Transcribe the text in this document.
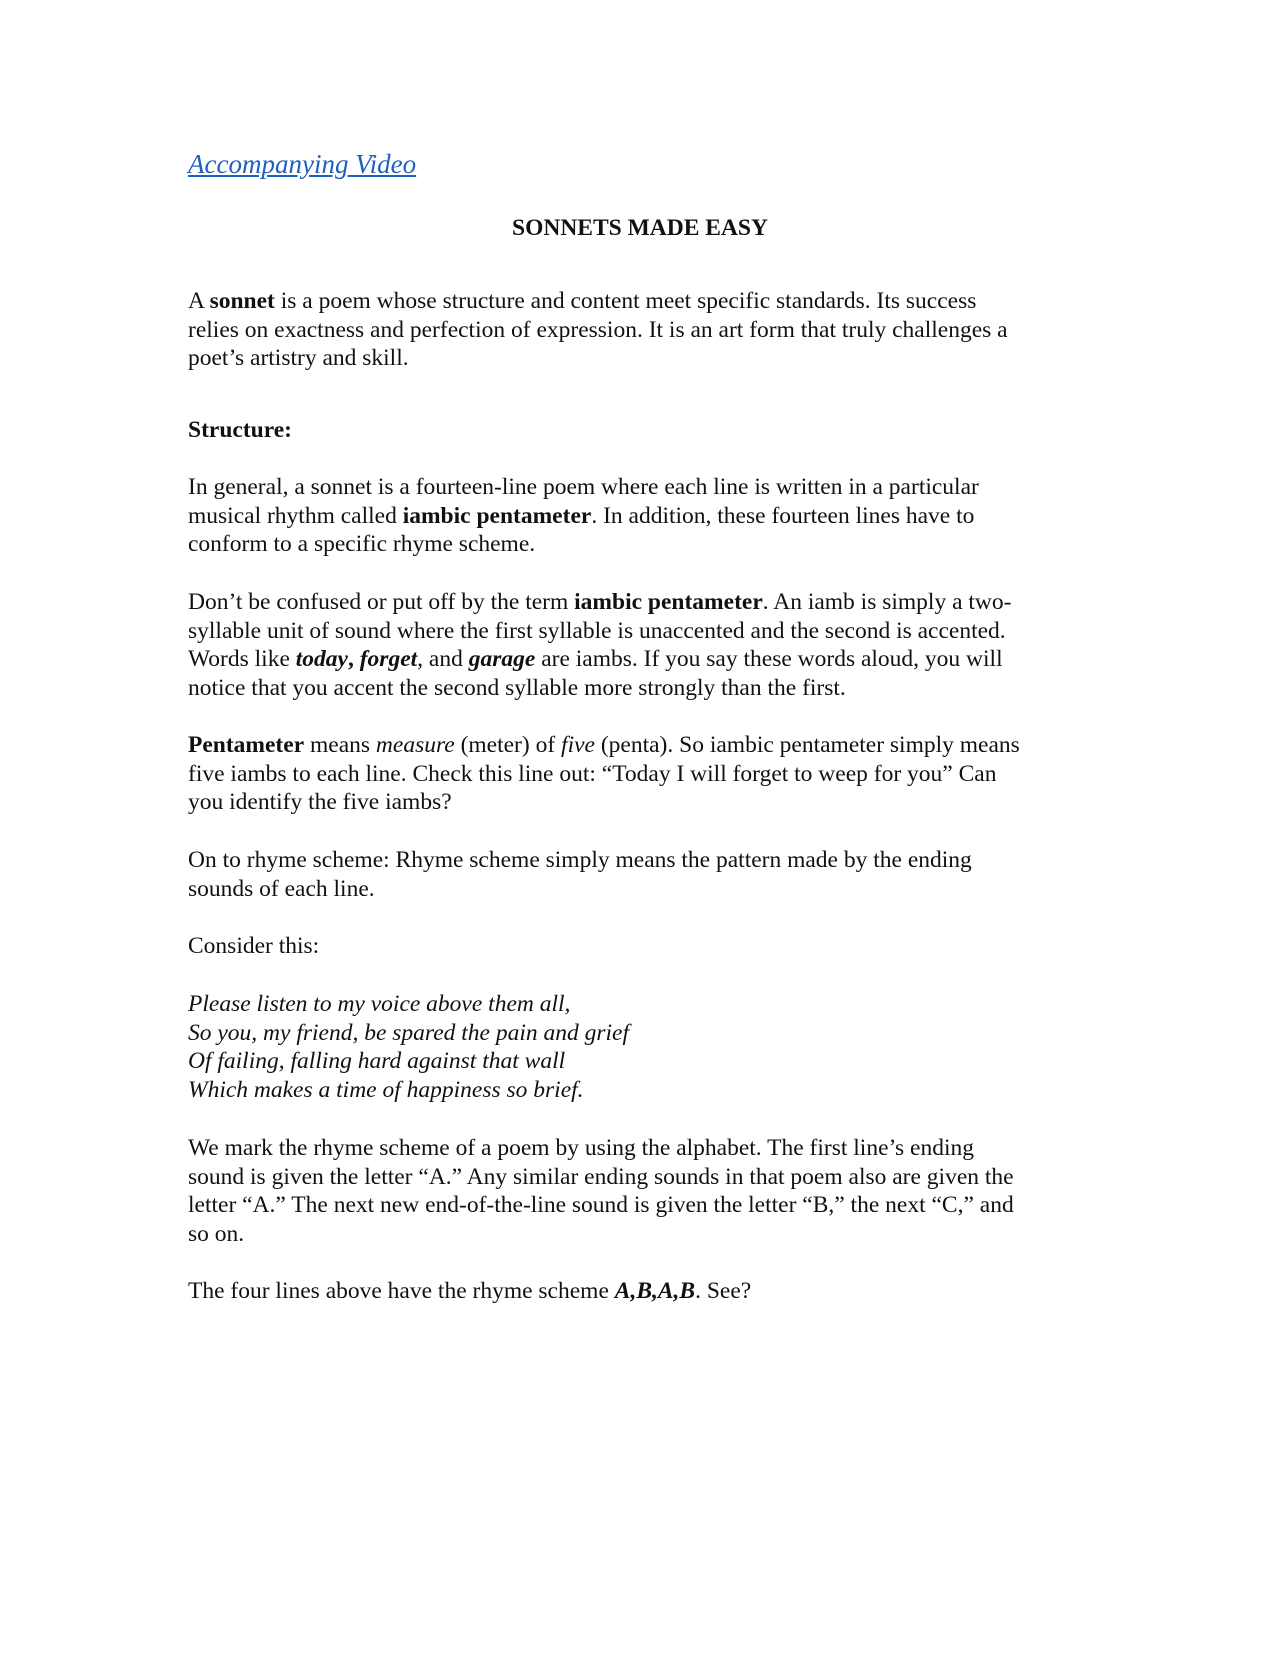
Accompanying Video
SONNETS MADE EASY

A sonnet is a poem whose structure and content meet specific standards. Its success
relies on exactness and perfection of expression. It is an art form that truly challenges a
poet’s artistry and skill.

Structure:

In general, a sonnet is a fourteen-line poem where each line is written in a particular
musical rhythm called iambic pentameter. In addition, these fourteen lines have to
conform to a specific rhyme scheme.

Don’t be confused or put off by the term iambic pentameter. An iamb is simply a two-
syllable unit of sound where the first syllable is unaccented and the second is accented.
Words like today, forget, and garage are iambs. If you say these words aloud, you will
notice that you accent the second syllable more strongly than the first.

Pentameter means measure (meter) of five (penta). So iambic pentameter simply means
five iambs to each line. Check this line out: “Today I will forget to weep for you” Can
you identify the five iambs?

On to rhyme scheme: Rhyme scheme simply means the pattern made by the ending
sounds of each line.

Consider this:

Please listen to my voice above them all,
So you, my friend, be spared the pain and grief
Of failing, falling hard against that wall
Which makes a time of happiness so brief.

We mark the rhyme scheme of a poem by using the alphabet. The first line’s ending
sound is given the letter “A.” Any similar ending sounds in that poem also are given the
letter “A.” The next new end-of-the-line sound is given the letter “B,” the next “C,” and
so on.

The four lines above have the rhyme scheme A,B,A,B. See?
